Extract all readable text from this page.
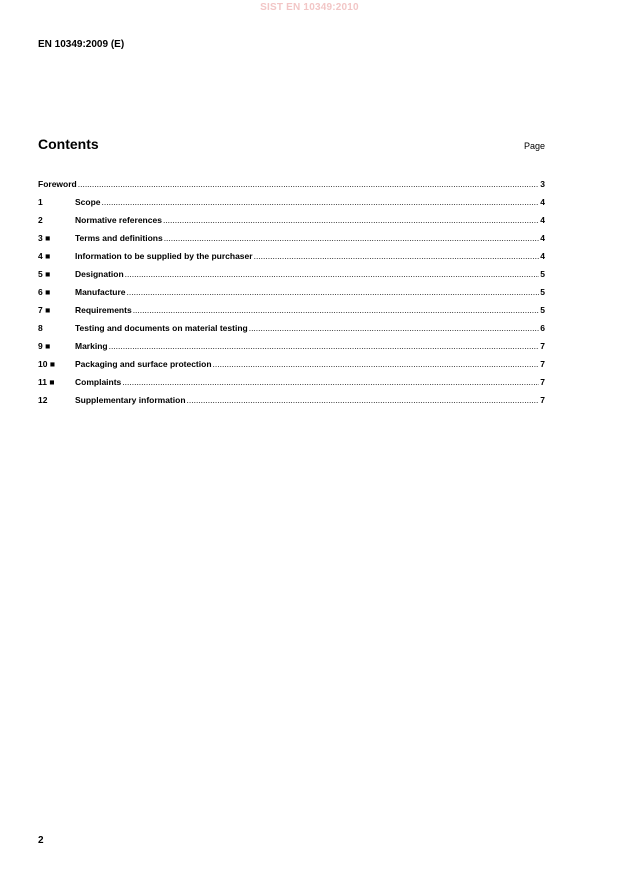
SIST EN 10349:2010
EN 10349:2009 (E)
Contents	Page
Foreword .....	3
1	Scope .....	4
2	Normative references .....	4
3 ■	Terms and definitions .....	4
4 ■	Information to be supplied by the purchaser .....	4
5 ■	Designation .....	5
6 ■	Manufacture .....	5
7 ■	Requirements .....	5
8	Testing and documents on material testing .....	6
9 ■	Marking .....	7
10 ■	Packaging and surface protection .....	7
11 ■	Complaints .....	7
12	Supplementary information .....	7
2
